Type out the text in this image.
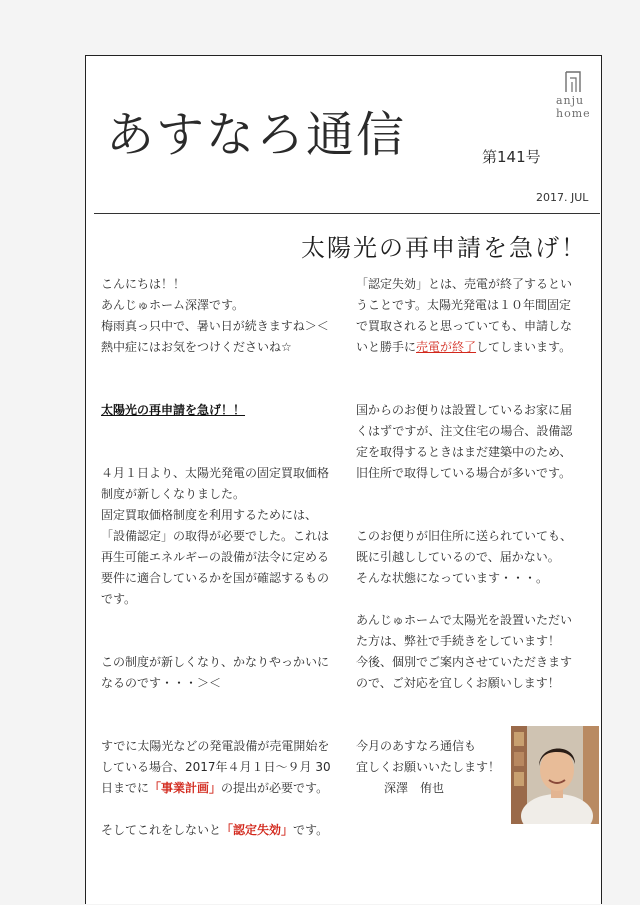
anju
home
あすなろ通信	第141号
2017. JUL
太陽光の再申請を急げ！

こんにちは！！
あんじゅホーム深澤です。
梅雨真っ只中で、暑い日が続きますね＞＜
熱中症にはお気をつけくださいね☆

太陽光の再申請を急げ！！

４月１日より、太陽光発電の固定買取価格
制度が新しくなりました。
固定買取価格制度を利用するためには、
「設備認定」の取得が必要でした。これは
再生可能エネルギーの設備が法令に定める
要件に適合しているかを国が確認するもの
です。

この制度が新しくなり、かなりやっかいに
なるのです・・・＞＜

すでに太陽光などの発電設備が売電開始を
している場合、2017年４月１日～９月 30
日までに「事業計画」の提出が必要です。

そしてこれをしないと「認定失効」です。

「認定失効」とは、売電が終了するとい
うことです。太陽光発電は１０年間固定
で買取されると思っていても、申請しな
いと勝手に売電が終了してしまいます。

国からのお便りは設置しているお家に届
くはずですが、注文住宅の場合、設備認
定を取得するときはまだ建築中のため、
旧住所で取得している場合が多いです。

このお便りが旧住所に送られていても、
既に引越ししているので、届かない。
そんな状態になっています・・・。

あんじゅホームで太陽光を設置いただい
た方は、弊社で手続きをしています！
今後、個別でご案内させていただきます
ので、ご対応を宜しくお願いします！

今月のあすなろ通信も
宜しくお願いいたします！

深澤　侑也
